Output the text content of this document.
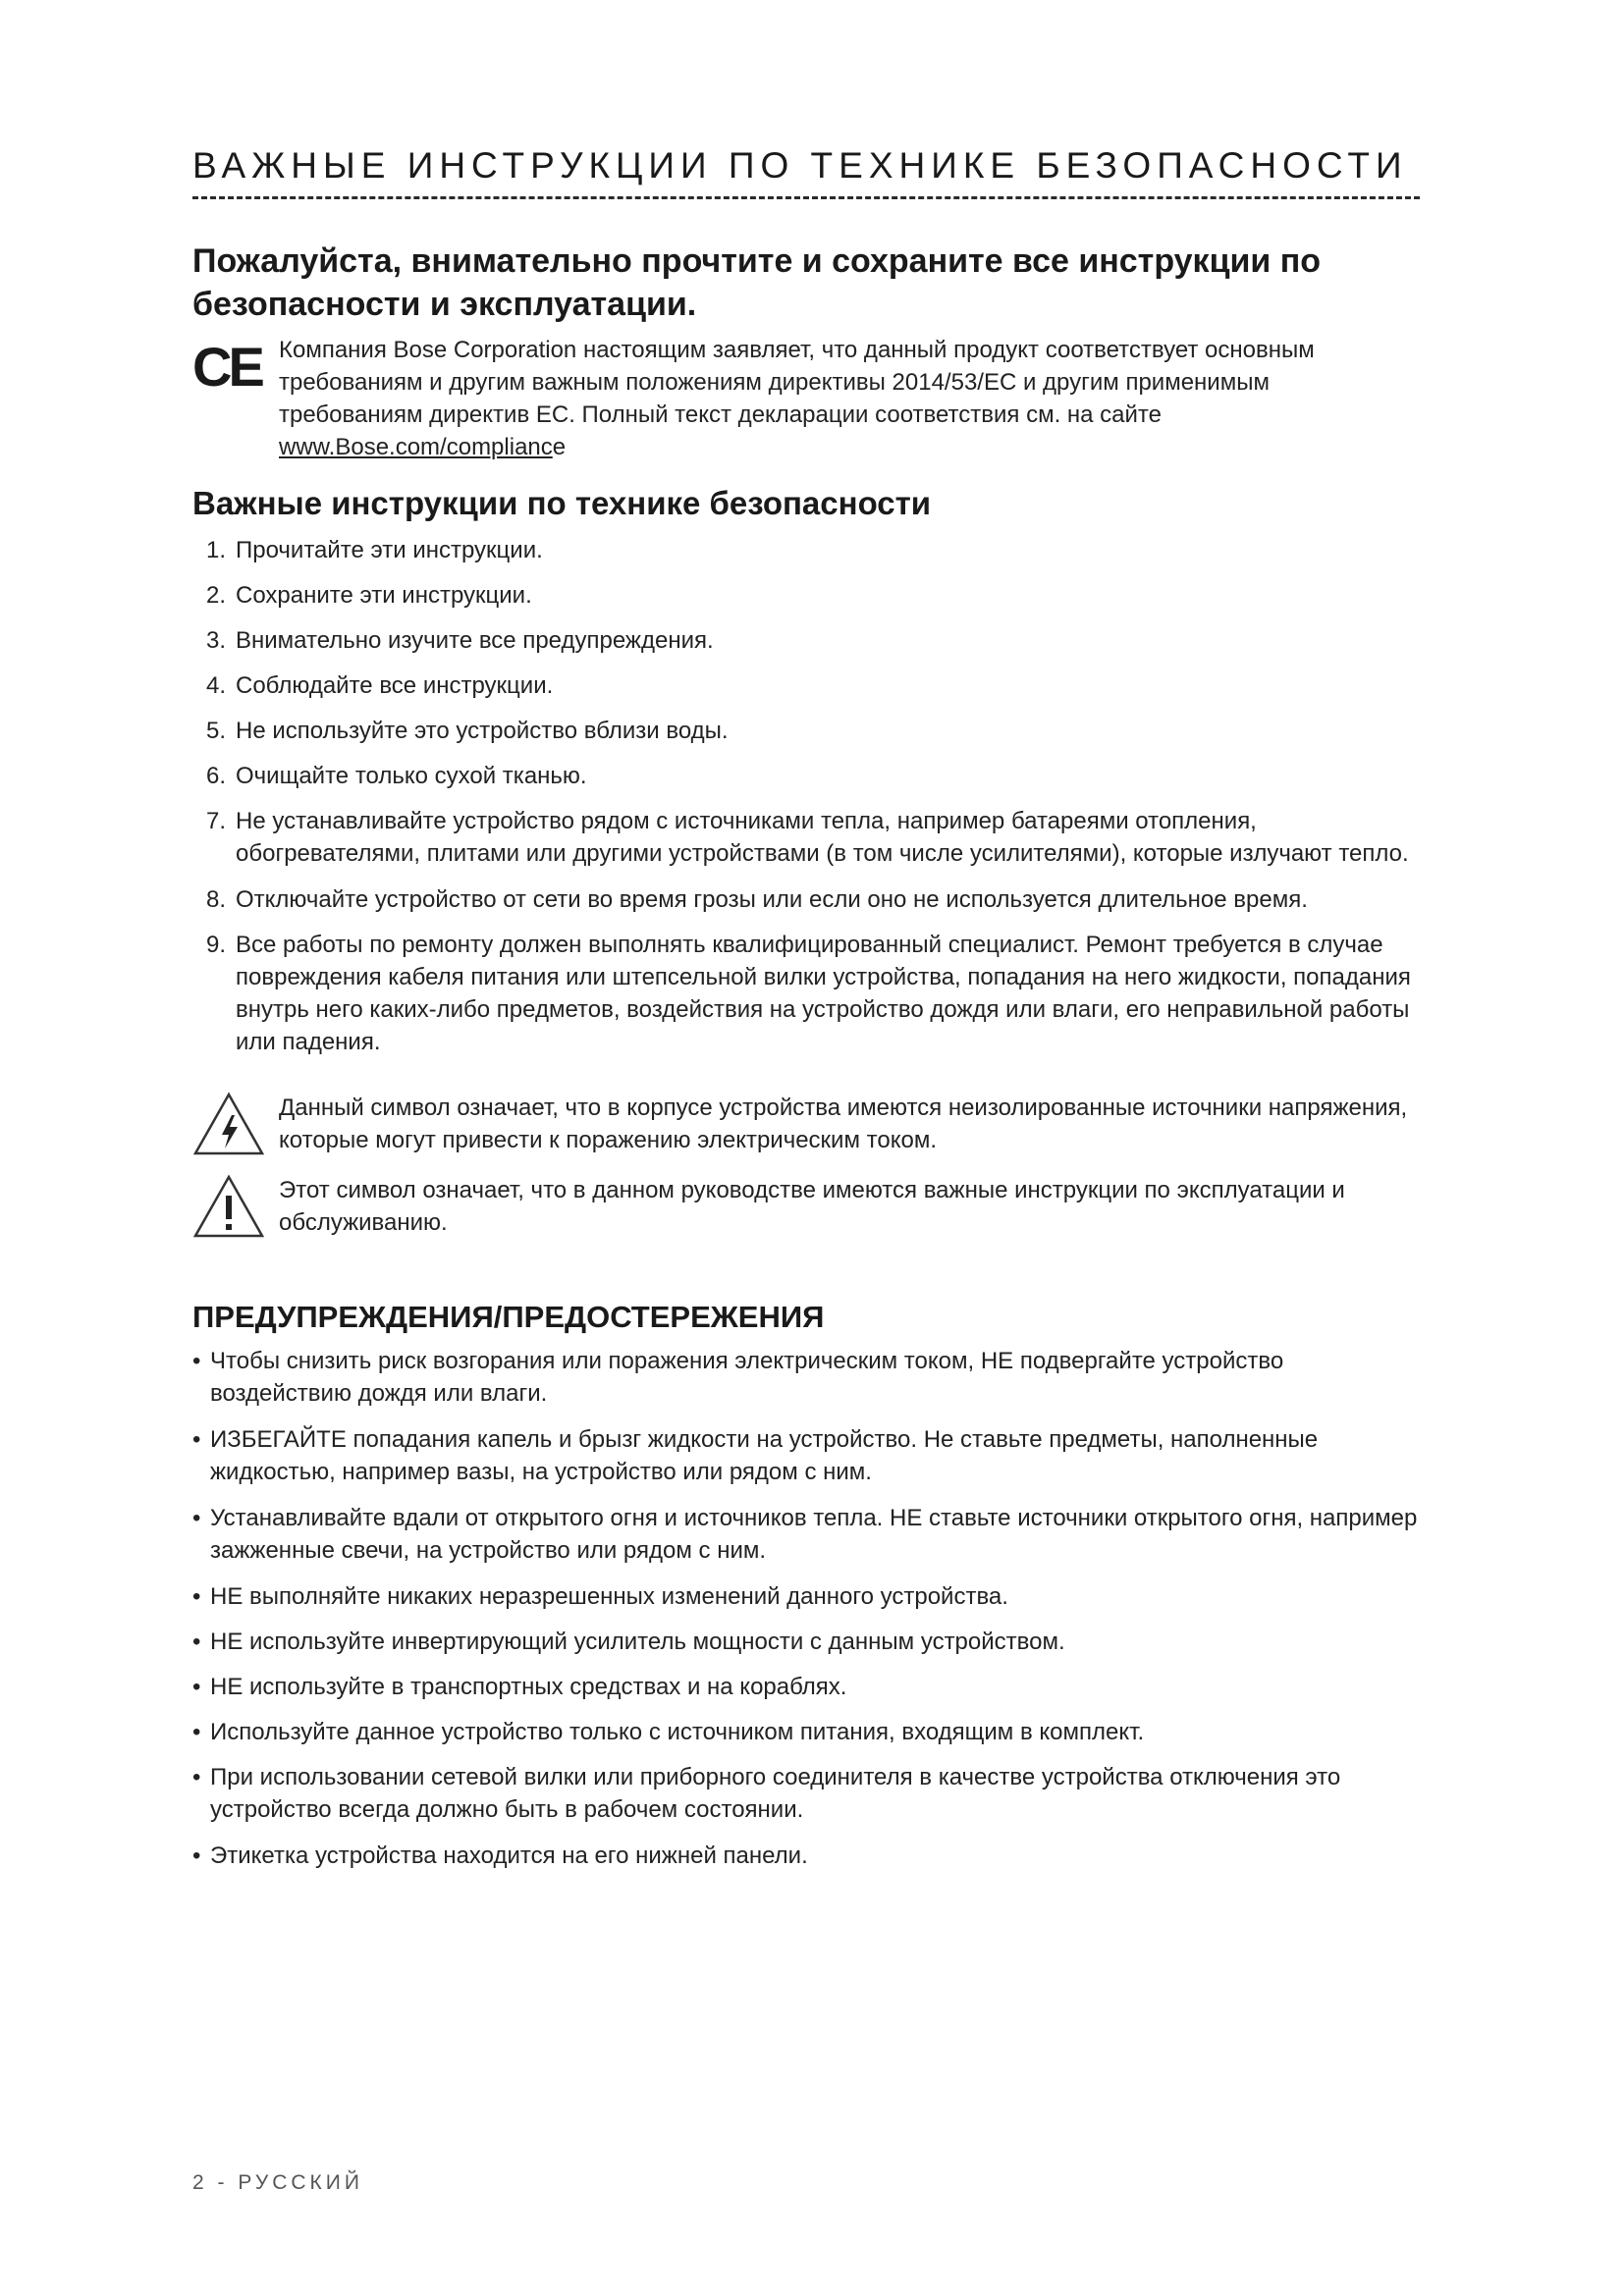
ВАЖНЫЕ ИНСТРУКЦИИ ПО ТЕХНИКЕ БЕЗОПАСНОСТИ
Пожалуйста, внимательно прочтите и сохраните все инструкции по безопасности и эксплуатации.
CE Компания Bose Corporation настоящим заявляет, что данный продукт соответствует основным требованиям и другим важным положениям директивы 2014/53/EC и другим применимым требованиям директив ЕС. Полный текст декларации соответствия см. на сайте www.Bose.com/compliance
Важные инструкции по технике безопасности
1. Прочитайте эти инструкции.
2. Сохраните эти инструкции.
3. Внимательно изучите все предупреждения.
4. Соблюдайте все инструкции.
5. Не используйте это устройство вблизи воды.
6. Очищайте только сухой тканью.
7. Не устанавливайте устройство рядом с источниками тепла, например батареями отопления, обогревателями, плитами или другими устройствами (в том числе усилителями), которые излучают тепло.
8. Отключайте устройство от сети во время грозы или если оно не используется длительное время.
9. Все работы по ремонту должен выполнять квалифицированный специалист. Ремонт требуется в случае повреждения кабеля питания или штепсельной вилки устройства, попадания на него жидкости, попадания внутрь него каких-либо предметов, воздействия на устройство дождя или влаги, его неправильной работы или падения.
Данный символ означает, что в корпусе устройства имеются неизолированные источники напряжения, которые могут привести к поражению электрическим током.
Этот символ означает, что в данном руководстве имеются важные инструкции по эксплуатации и обслуживанию.
ПРЕДУПРЕЖДЕНИЯ/ПРЕДОСТЕРЕЖЕНИЯ
• Чтобы снизить риск возгорания или поражения электрическим током, НЕ подвергайте устройство воздействию дождя или влаги.
• ИЗБЕГАЙТЕ попадания капель и брызг жидкости на устройство. Не ставьте предметы, наполненные жидкостью, например вазы, на устройство или рядом с ним.
• Устанавливайте вдали от открытого огня и источников тепла. НЕ ставьте источники открытого огня, например зажженные свечи, на устройство или рядом с ним.
• НЕ выполняйте никаких неразрешенных изменений данного устройства.
• НЕ используйте инвертирующий усилитель мощности с данным устройством.
• НЕ используйте в транспортных средствах и на кораблях.
• Используйте данное устройство только с источником питания, входящим в комплект.
• При использовании сетевой вилки или приборного соединителя в качестве устройства отключения это устройство всегда должно быть в рабочем состоянии.
• Этикетка устройства находится на его нижней панели.
2 - РУССКИЙ
